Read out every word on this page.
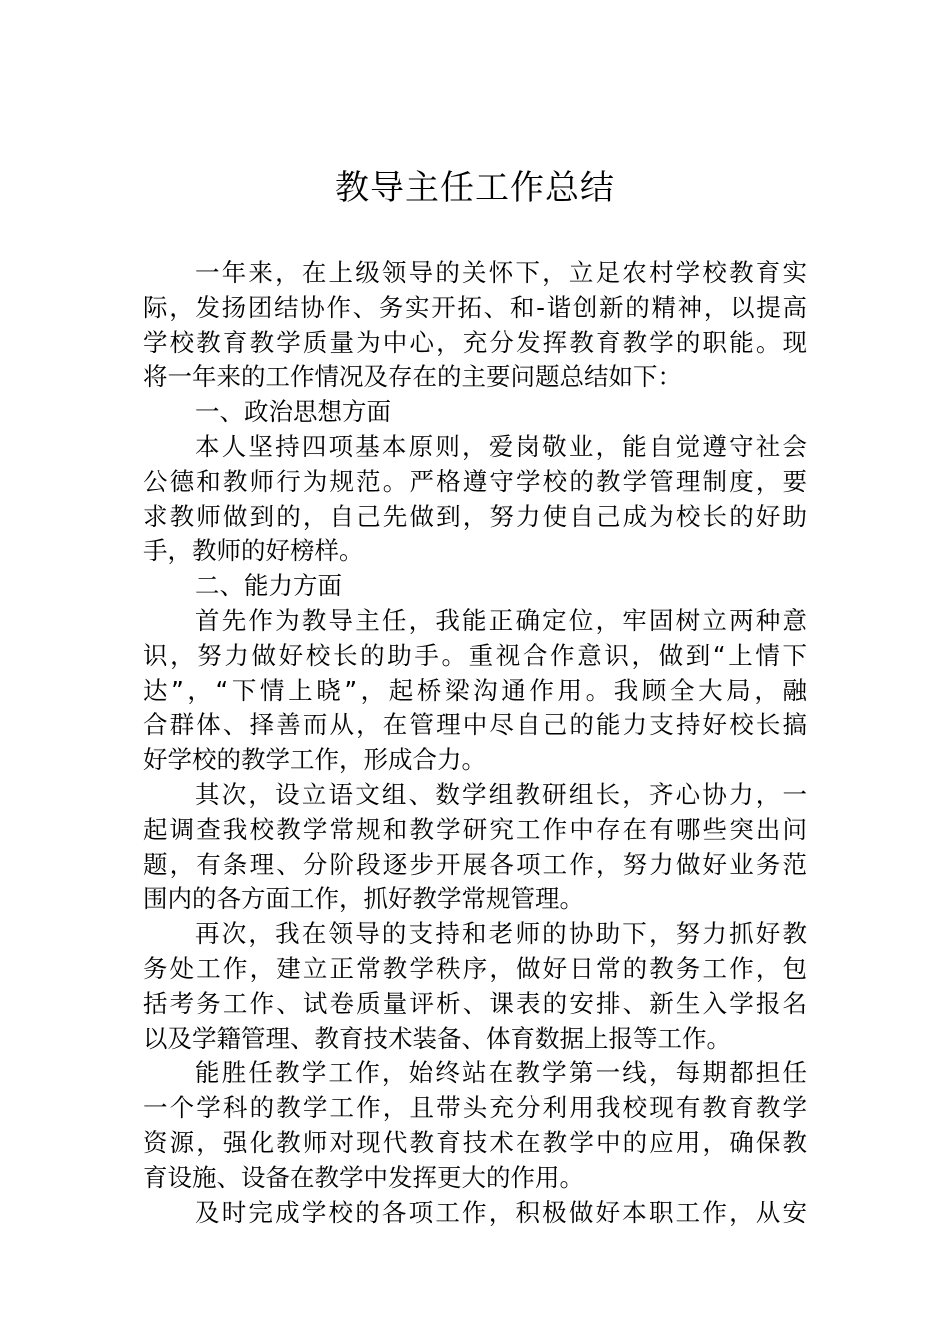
教导主任工作总结
一年来，在上级领导的关怀下，立足农村学校教育实
际，发扬团结协作、务实开拓、和-谐创新的精神，以提高
学校教育教学质量为中心，充分发挥教育教学的职能。现
将一年来的工作情况及存在的主要问题总结如下：
一、政治思想方面
本人坚持四项基本原则，爱岗敬业，能自觉遵守社会
公德和教师行为规范。严格遵守学校的教学管理制度，要
求教师做到的，自己先做到，努力使自己成为校长的好助
手，教师的好榜样。
二、能力方面
首先作为教导主任，我能正确定位，牢固树立两种意
识，努力做好校长的助手。重视合作意识，做到“上情下
达”，“下情上晓”，起桥梁沟通作用。我顾全大局，融
合群体、择善而从，在管理中尽自己的能力支持好校长搞
好学校的教学工作，形成合力。
其次，设立语文组、数学组教研组长，齐心协力，一
起调查我校教学常规和教学研究工作中存在有哪些突出问
题，有条理、分阶段逐步开展各项工作，努力做好业务范
围内的各方面工作，抓好教学常规管理。
再次，我在领导的支持和老师的协助下，努力抓好教
务处工作，建立正常教学秩序，做好日常的教务工作，包
括考务工作、试卷质量评析、课表的安排、新生入学报名
以及学籍管理、教育技术装备、体育数据上报等工作。
能胜任教学工作，始终站在教学第一线，每期都担任
一个学科的教学工作，且带头充分利用我校现有教育教学
资源，强化教师对现代教育技术在教学中的应用，确保教
育设施、设备在教学中发挥更大的作用。
及时完成学校的各项工作，积极做好本职工作，从安
